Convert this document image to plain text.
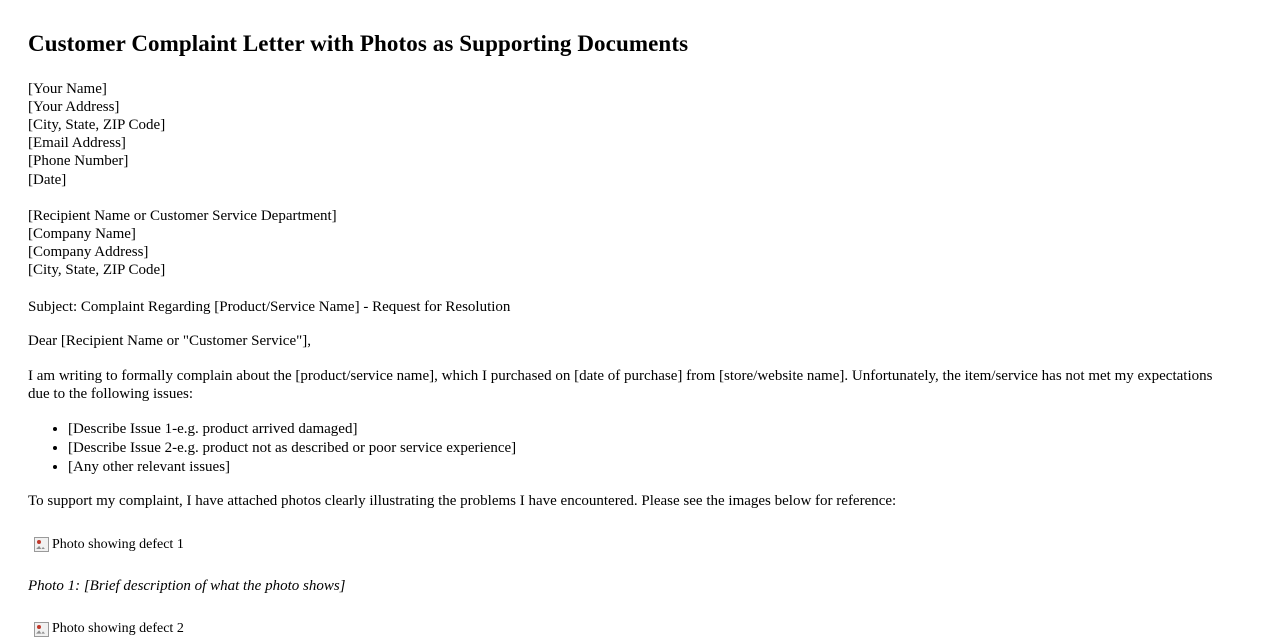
Customer Complaint Letter with Photos as Supporting Documents
[Your Name]
[Your Address]
[City, State, ZIP Code]
[Email Address]
[Phone Number]
[Date]
[Recipient Name or Customer Service Department]
[Company Name]
[Company Address]
[City, State, ZIP Code]

Subject: Complaint Regarding [Product/Service Name] - Request for Resolution

Dear [Recipient Name or "Customer Service"],

I am writing to formally complain about the [product/service name], which I purchased on [date of purchase] from [store/website name]. Unfortunately, the item/service has not met my expectations due to the following issues:

• [Describe Issue 1-e.g. product arrived damaged]
• [Describe Issue 2-e.g. product not as described or poor service experience]
• [Any other relevant issues]

To support my complaint, I have attached photos clearly illustrating the problems I have encountered. Please see the images below for reference:

Photo showing defect 1
Photo 1: [Brief description of what the photo shows]
Photo showing defect 2
